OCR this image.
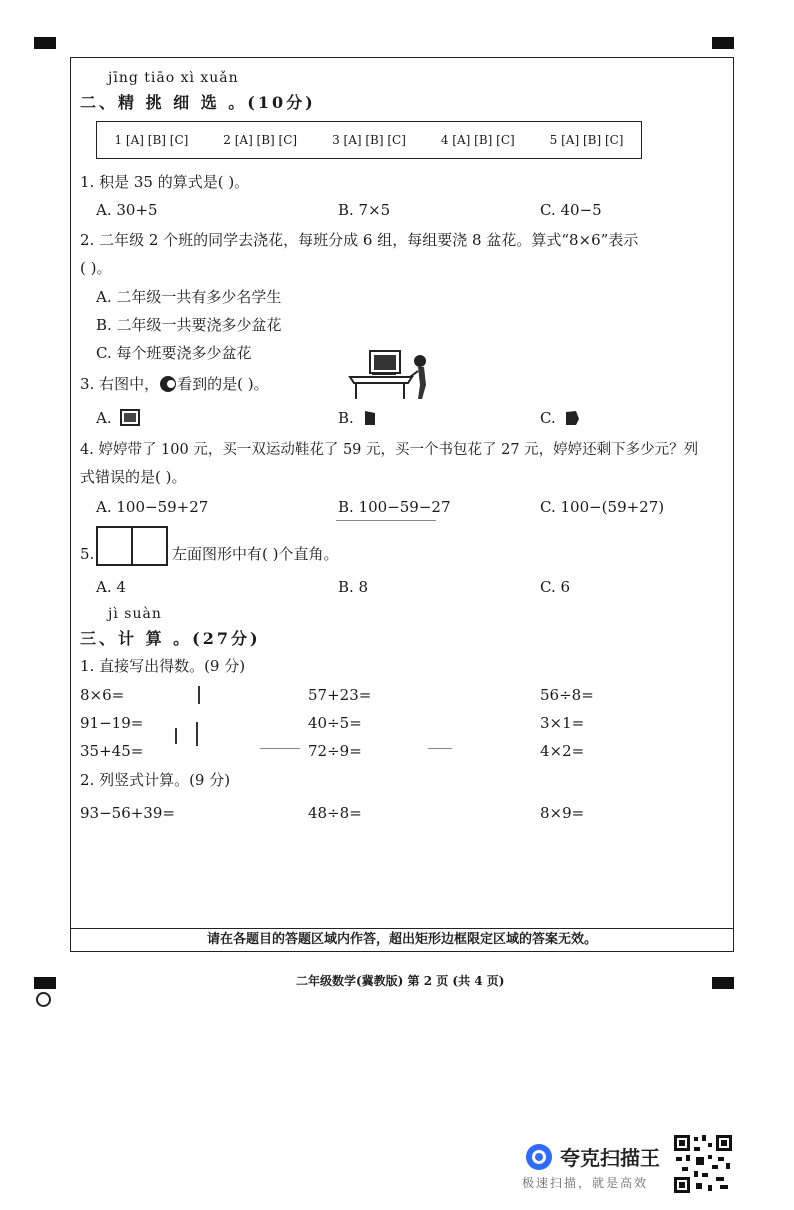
jīng tiāo xì xuǎn
二、精 挑 细 选 。(10分)
1 [A] [B] [C]	2 [A] [B] [C]	3 [A] [B] [C]	4 [A] [B] [C]	5 [A] [B] [C]
1. 积是 35 的算式是( )。
A. 30+5	B. 7×5	C. 40−5
2. 二年级 2 个班的同学去浇花，每班分成 6 组，每组要浇 8 盆花。算式“8×6”表示
( )。
A. 二年级一共有多少名学生
B. 二年级一共要浇多少盆花
C. 每个班要浇多少盆花
3. 右图中， 看到的是( )。
A.	B.	C.
4. 婷婷带了 100 元，买一双运动鞋花了 59 元，买一个书包花了 27 元，婷婷还剩下多少元？列
式错误的是( )。
A. 100−59+27	B. 100−59−27	C. 100−(59+27)
5.	左面图形中有( )个直角。
A. 4	B. 8	C. 6
jì suàn
三、计 算 。(27分)
1. 直接写出得数。(9 分)
8×6=	57+23=	56÷8=
91−19=	40÷5=	3×1=
35+45=	72÷9=	4×2=
2. 列竖式计算。(9 分)
93−56+39=	48÷8=	8×9=
请在各题目的答题区域内作答，超出矩形边框限定区域的答案无效。
二年级数学(冀教版) 第 2 页 (共 4 页)
夸克扫描王
极速扫描，就是高效
